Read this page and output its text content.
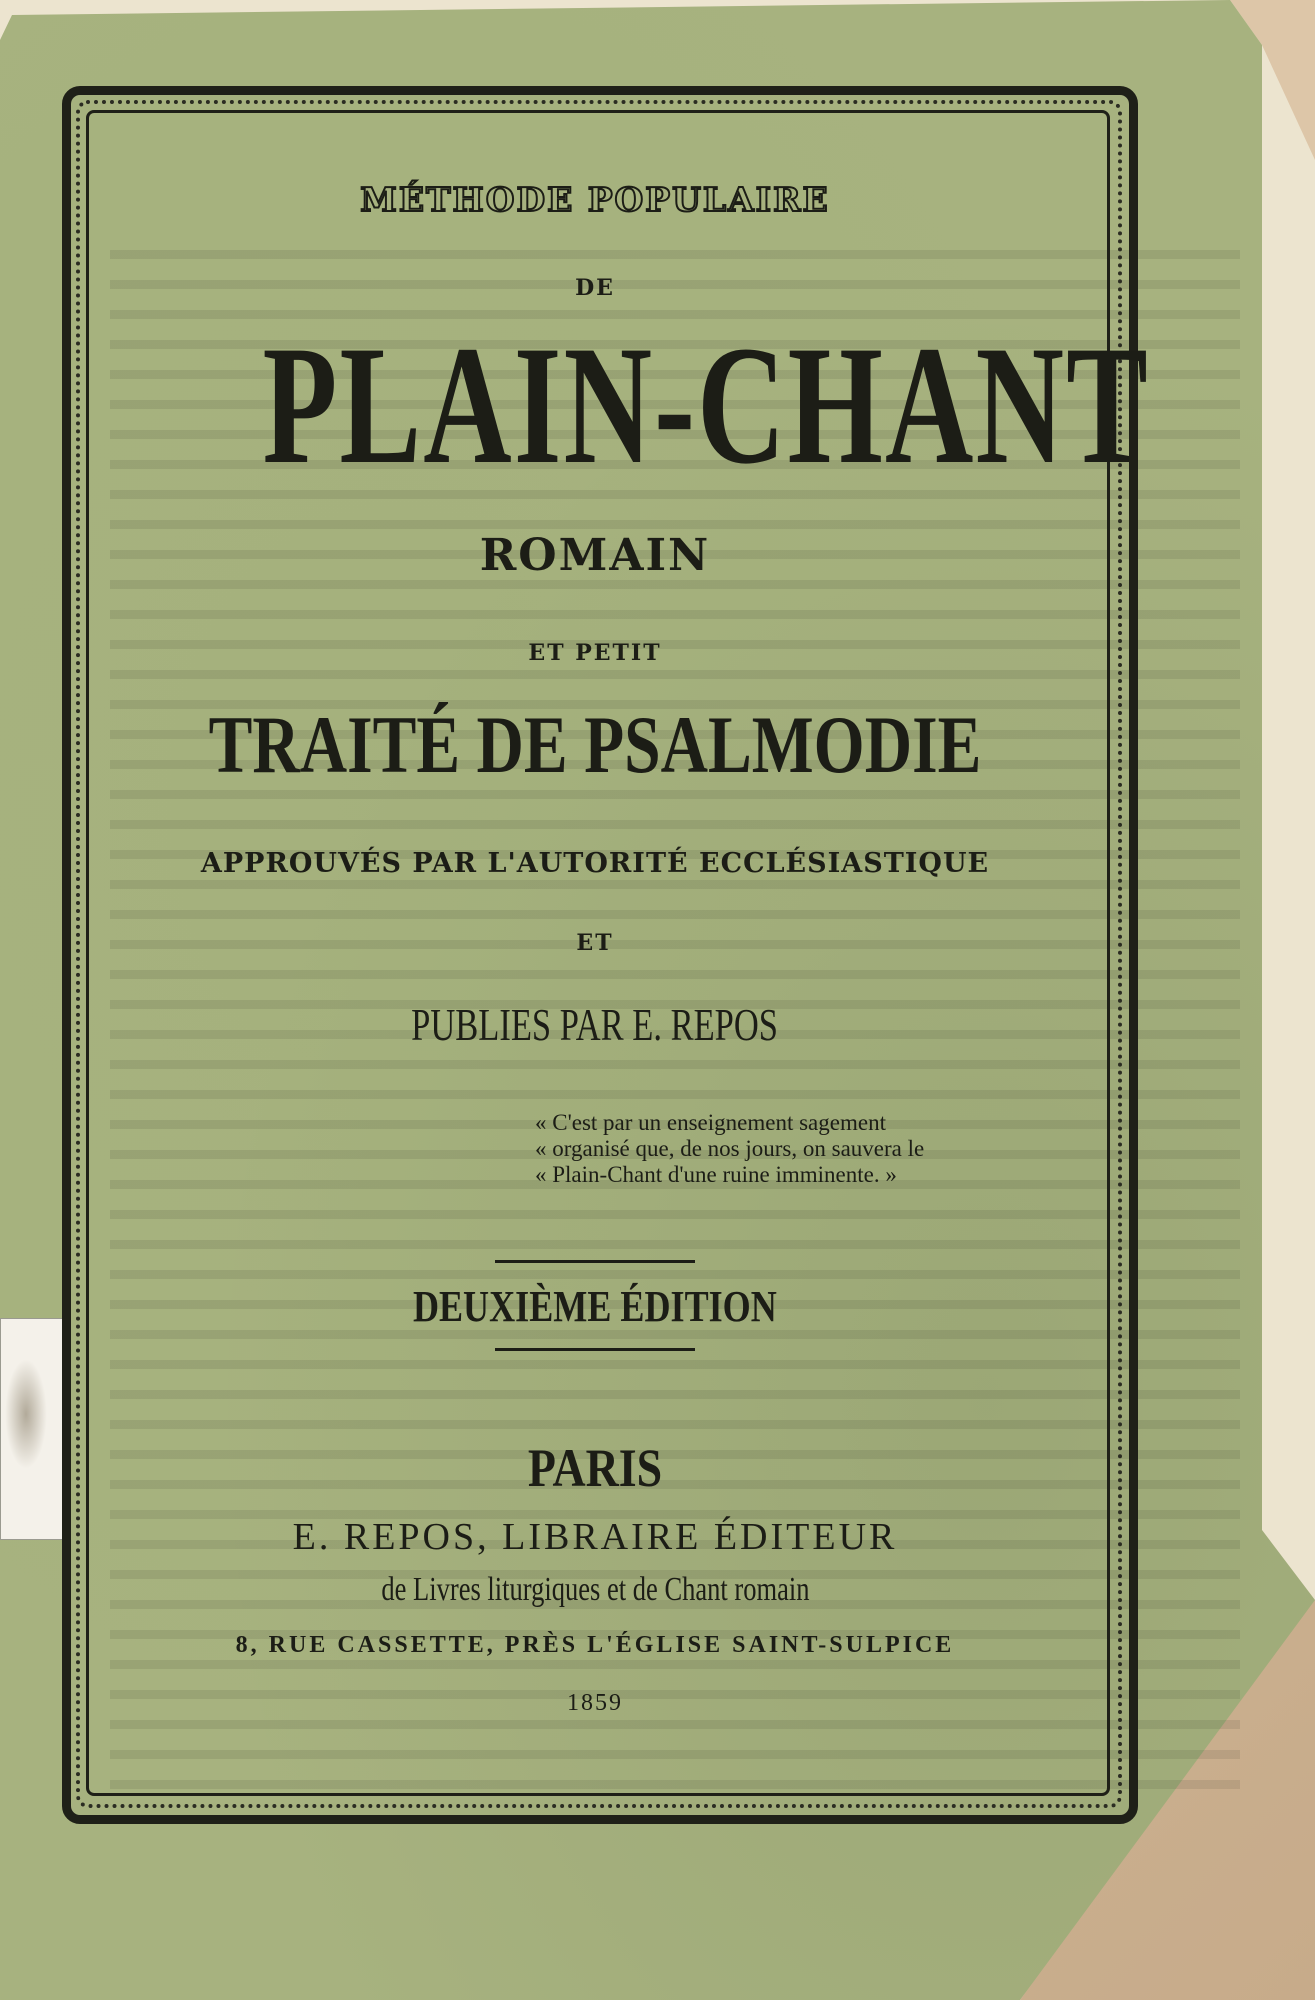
MÉTHODE POPULAIRE
DE
PLAIN-CHANT
ROMAIN
ET PETIT
TRAITÉ DE PSALMODIE
APPROUVÉS PAR L'AUTORITÉ ECCLÉSIASTIQUE
ET
PUBLIES PAR E. REPOS
« C'est par un enseignement sagement
« organisé que, de nos jours, on sauvera le
« Plain-Chant d'une ruine imminente. »
DEUXIÈME ÉDITION
PARIS
E. REPOS, LIBRAIRE ÉDITEUR
de Livres liturgiques et de Chant romain
8, RUE CASSETTE, PRÈS L'ÉGLISE SAINT-SULPICE
1859
